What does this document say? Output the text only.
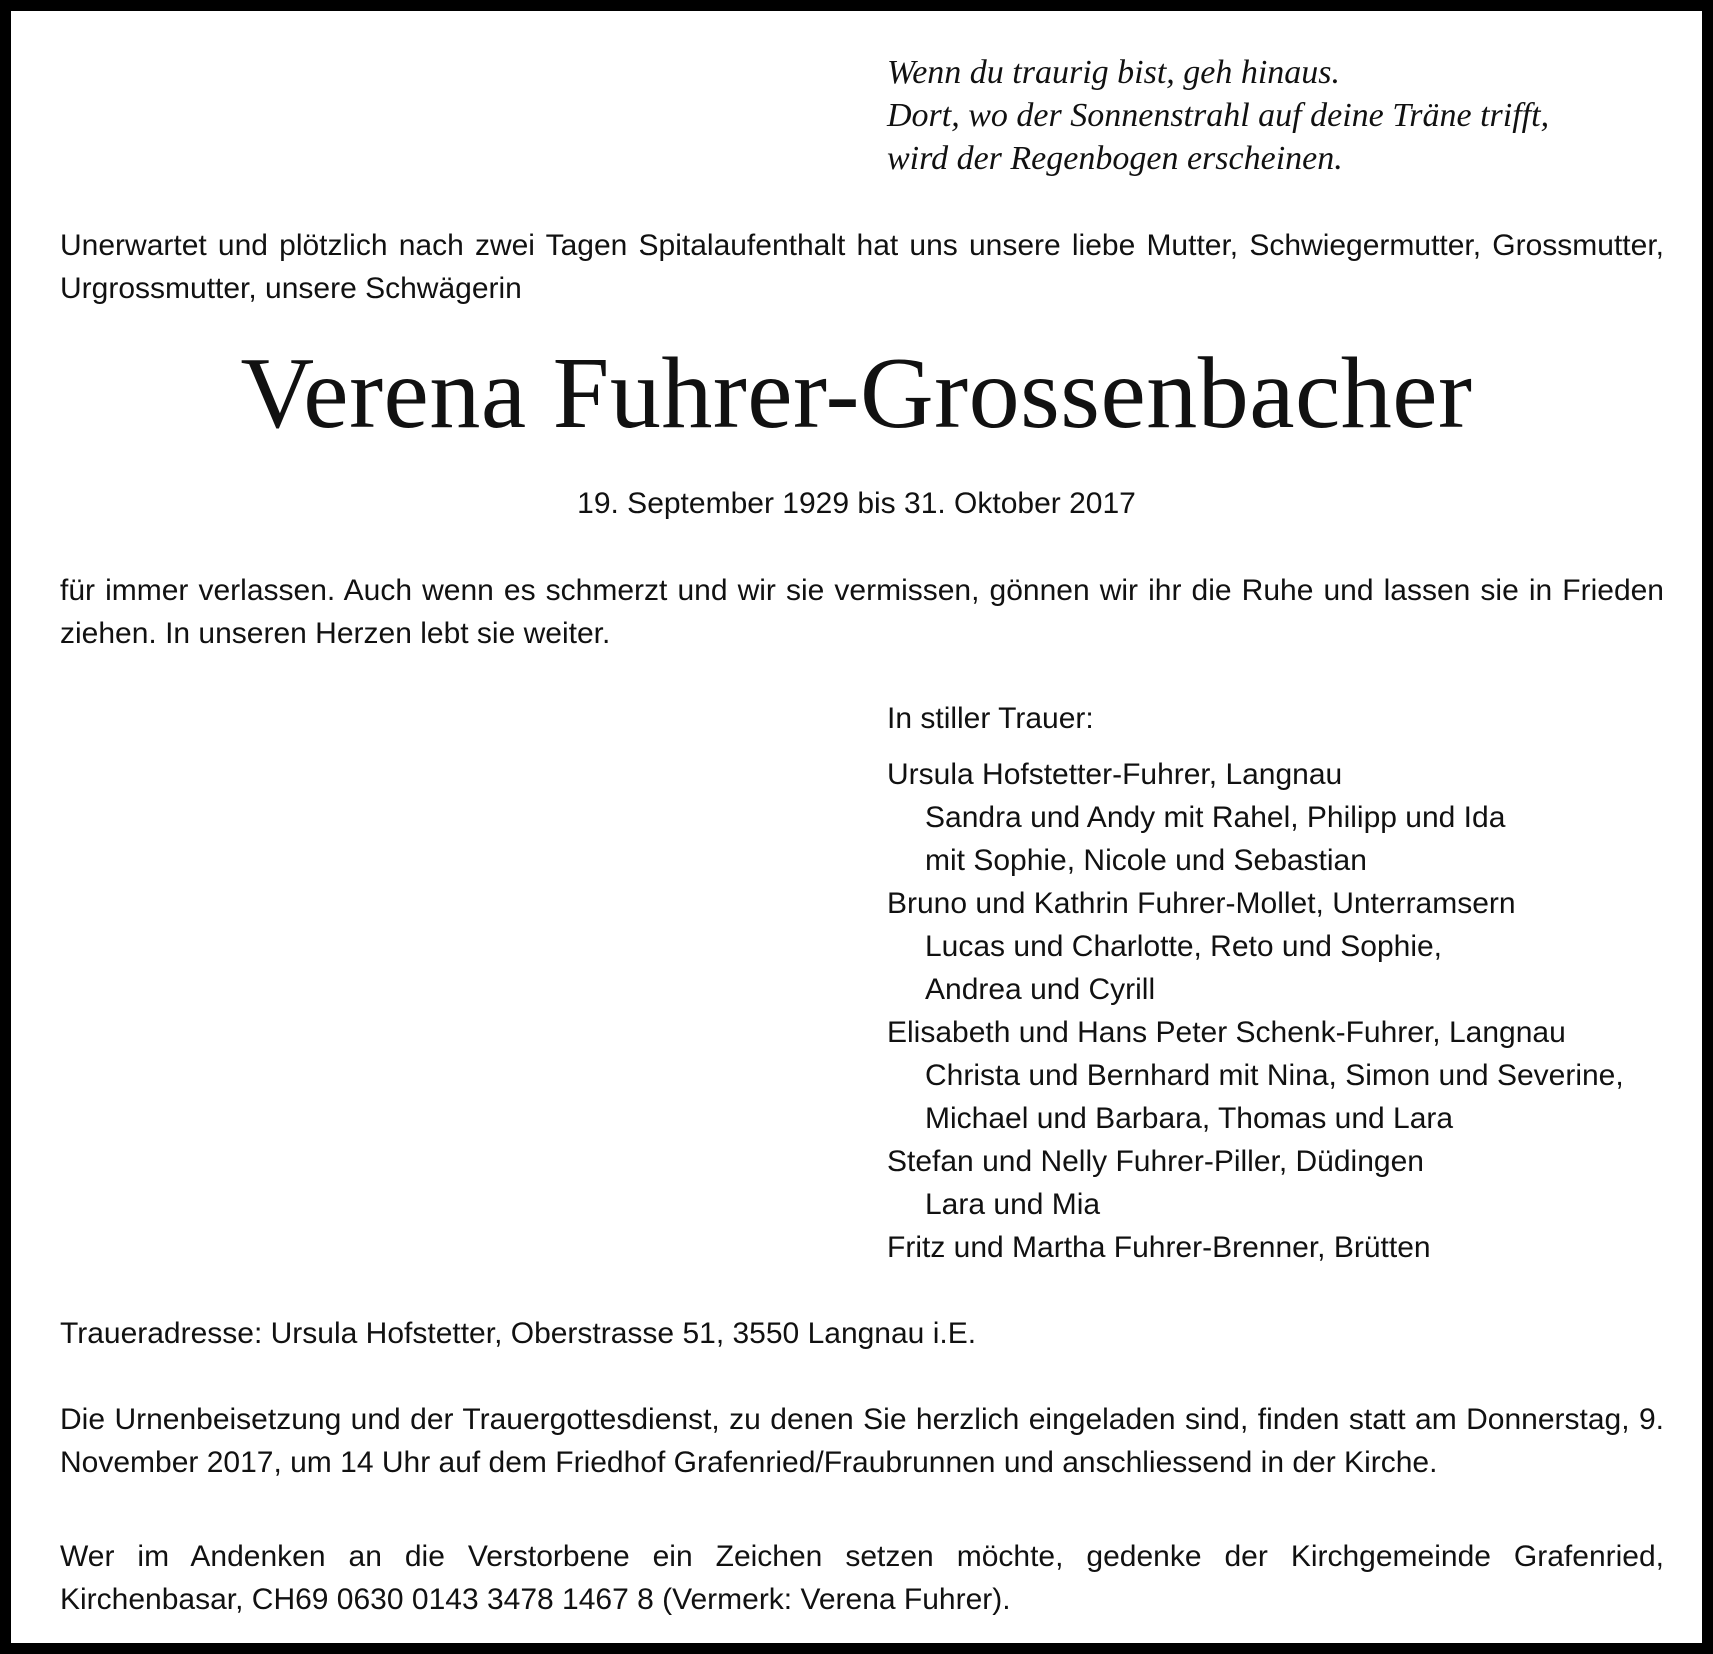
Wenn du traurig bist, geh hinaus.
Dort, wo der Sonnenstrahl auf deine Träne trifft,
wird der Regenbogen erscheinen.
Unerwartet und plötzlich nach zwei Tagen Spitalaufenthalt hat uns unsere liebe Mutter, Schwiegermutter, Grossmutter, Urgrossmutter, unsere Schwägerin
Verena Fuhrer-Grossenbacher
19. September 1929 bis 31. Oktober 2017
für immer verlassen. Auch wenn es schmerzt und wir sie vermissen, gönnen wir ihr die Ruhe und lassen sie in Frieden ziehen. In unseren Herzen lebt sie weiter.
In stiller Trauer:
Ursula Hofstetter-Fuhrer, Langnau
Sandra und Andy mit Rahel, Philipp und Ida
mit Sophie, Nicole und Sebastian
Bruno und Kathrin Fuhrer-Mollet, Unterramsern
Lucas und Charlotte, Reto und Sophie,
Andrea und Cyrill
Elisabeth und Hans Peter Schenk-Fuhrer, Langnau
Christa und Bernhard mit Nina, Simon und Severine,
Michael und Barbara, Thomas und Lara
Stefan und Nelly Fuhrer-Piller, Düdingen
Lara und Mia
Fritz und Martha Fuhrer-Brenner, Brütten
Traueradresse: Ursula Hofstetter, Oberstrasse 51, 3550 Langnau i.E.
Die Urnenbeisetzung und der Trauergottesdienst, zu denen Sie herzlich eingeladen sind, finden statt am Donnerstag, 9. November 2017, um 14 Uhr auf dem Friedhof Grafenried/Fraubrunnen und anschliessend in der Kirche.
Wer im Andenken an die Verstorbene ein Zeichen setzen möchte, gedenke der Kirchgemeinde Grafenried, Kirchenbasar, CH69 0630 0143 3478 1467 8 (Vermerk: Verena Fuhrer).
